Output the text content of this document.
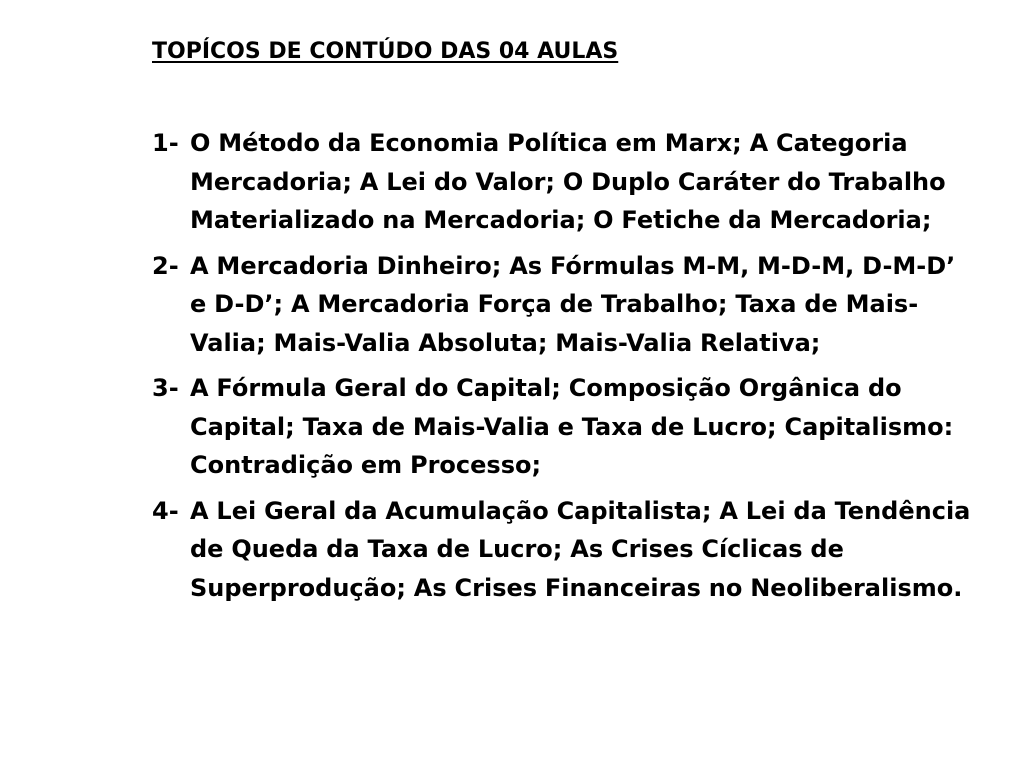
TOPÍCOS DE CONTÚDO DAS 04 AULAS
1- O Método da Economia Política em Marx; A Categoria
Mercadoria; A Lei do Valor; O Duplo Caráter do Trabalho
Materializado na Mercadoria; O Fetiche da Mercadoria;
2- A Mercadoria Dinheiro; As Fórmulas M-M, M-D-M, D-M-D’
e D-D’; A Mercadoria Força de Trabalho; Taxa de Mais-
Valia; Mais-Valia Absoluta; Mais-Valia Relativa;
3- A Fórmula Geral do Capital; Composição Orgânica do
Capital; Taxa de Mais-Valia e Taxa de Lucro; Capitalismo:
Contradição em Processo;
4- A Lei Geral da Acumulação Capitalista; A Lei da Tendência
de Queda da Taxa de Lucro; As Crises Cíclicas de
Superprodução; As Crises Financeiras no Neoliberalismo.
